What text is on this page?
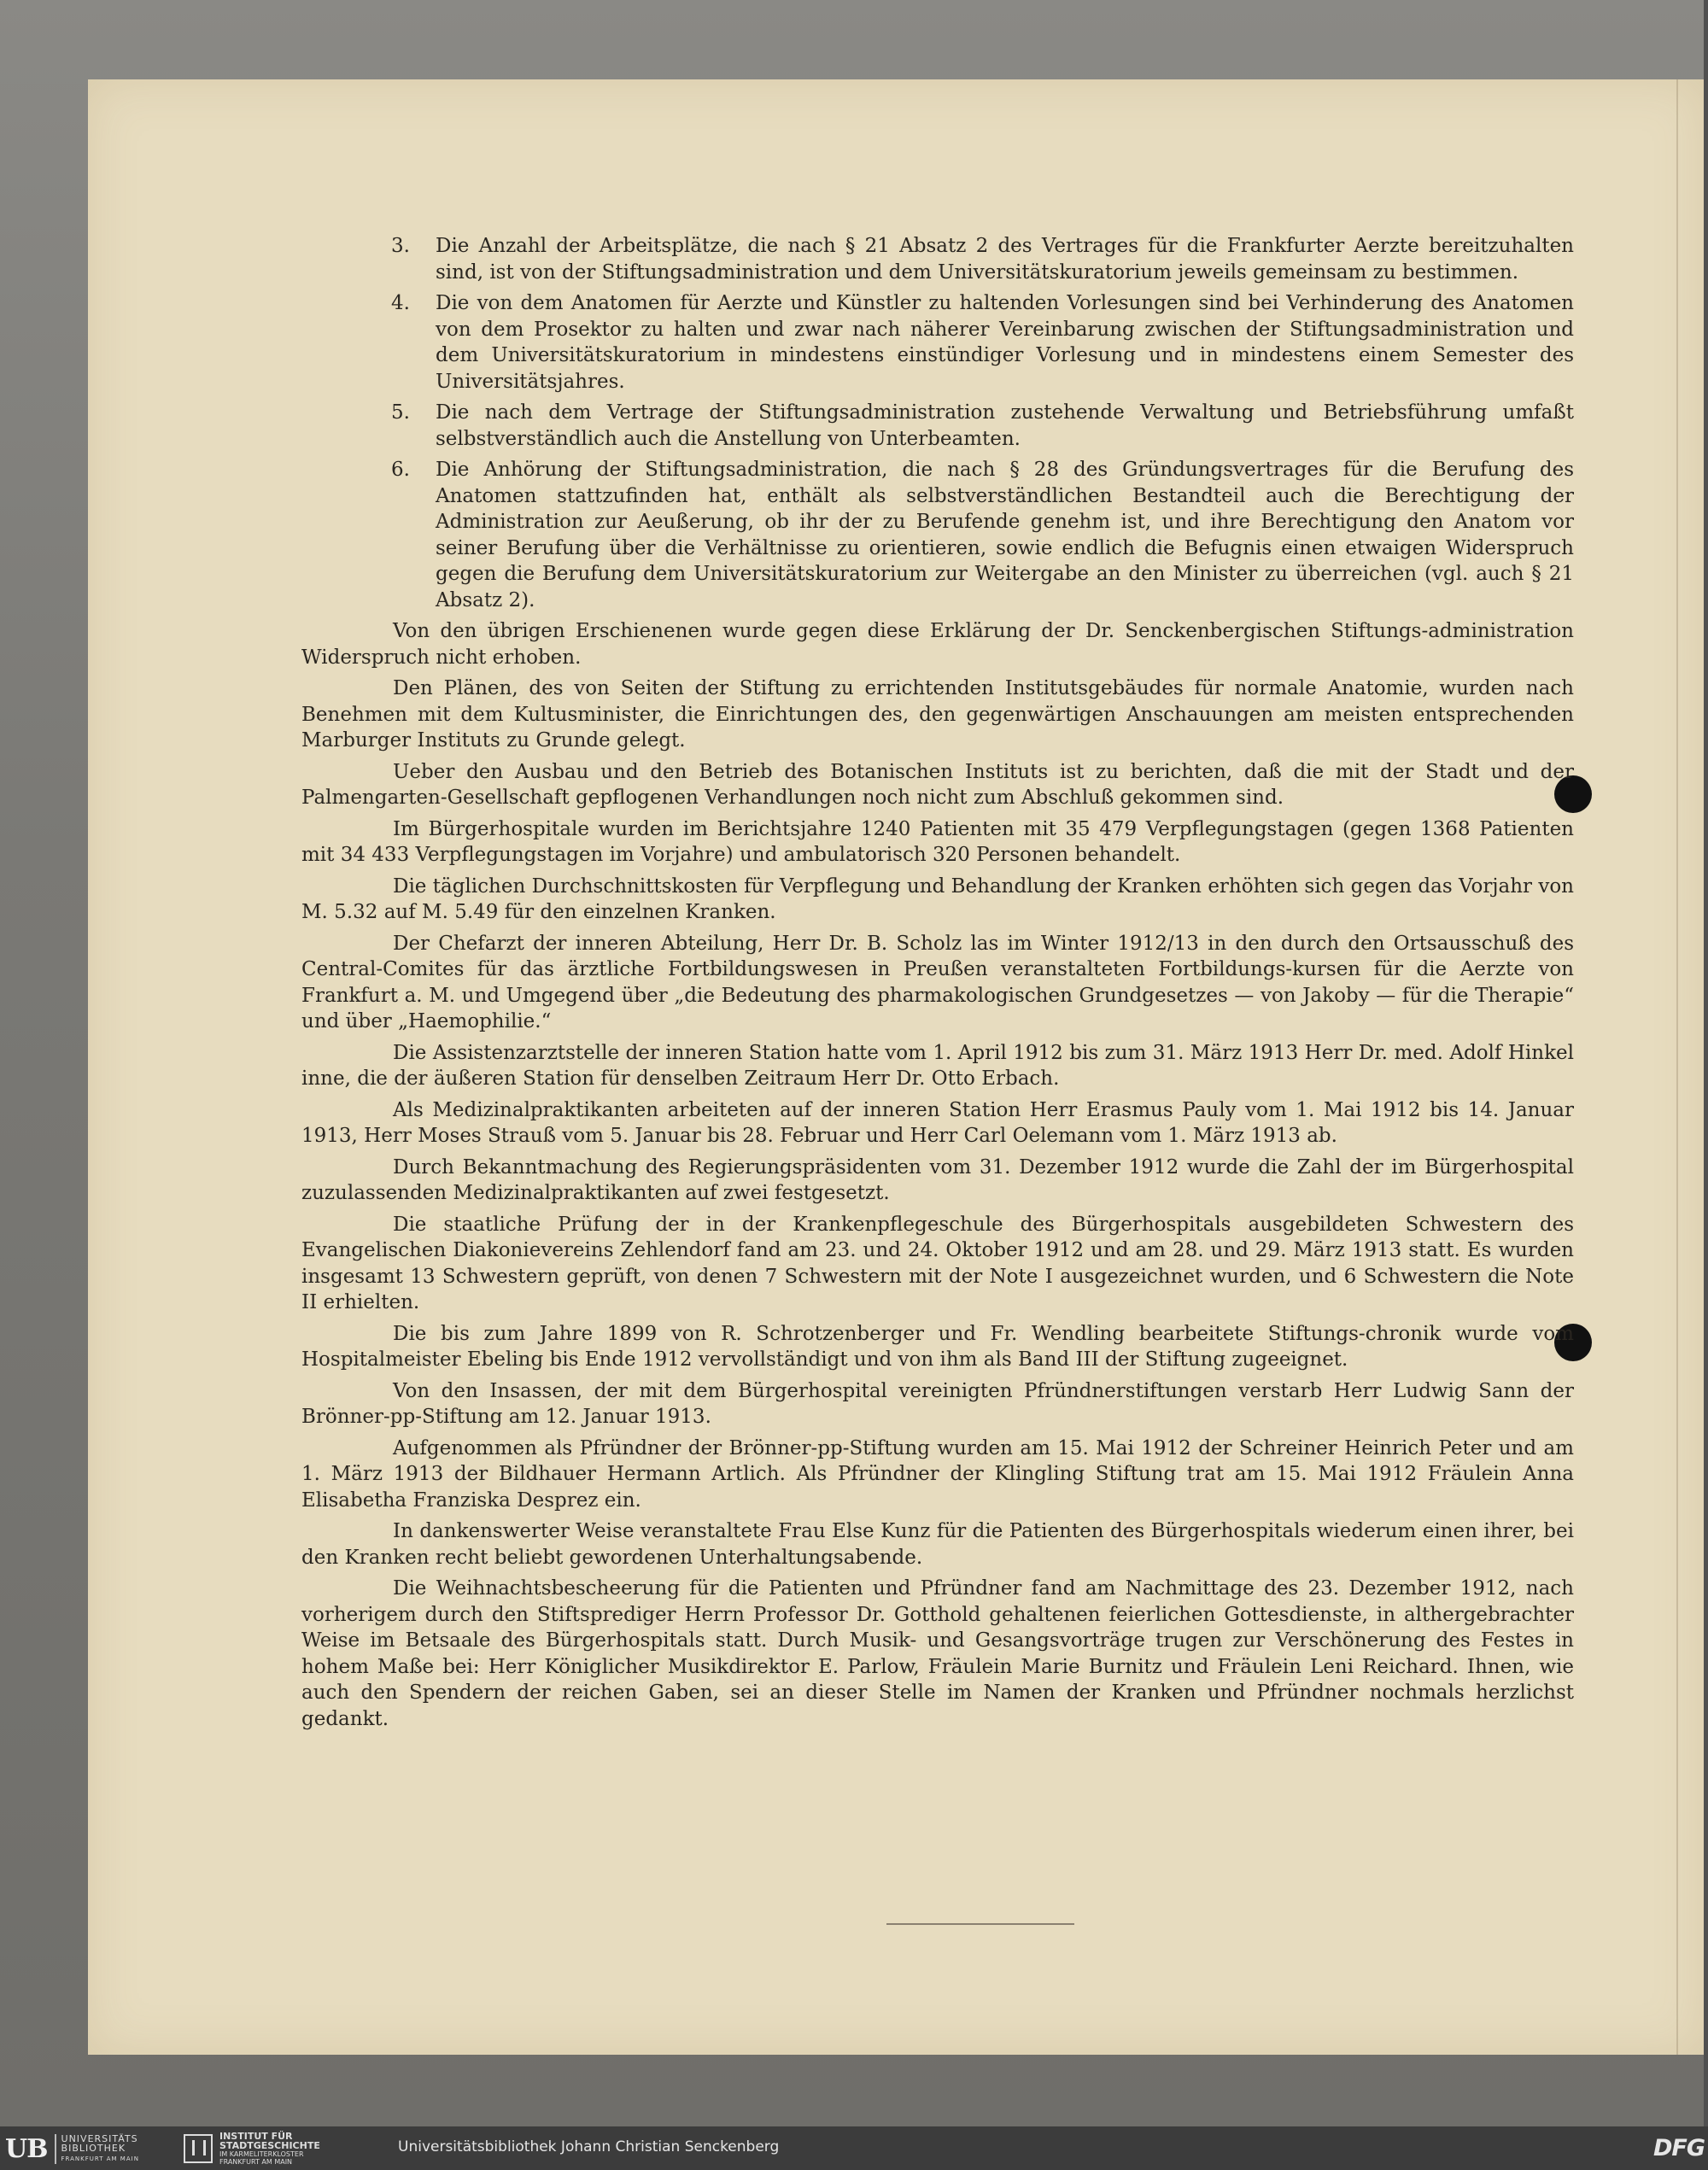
3. Die Anzahl der Arbeitsplätze, die nach § 21 Absatz 2 des Vertrages für die Frankfurter Aerzte bereitzuhalten sind, ist von der Stiftungsadministration und dem Universitätskuratorium jeweils gemeinsam zu bestimmen.
4. Die von dem Anatomen für Aerzte und Künstler zu haltenden Vorlesungen sind bei Verhinderung des Anatomen von dem Prosektor zu halten und zwar nach näherer Vereinbarung zwischen der Stiftungsadministration und dem Universitätskuratorium in mindestens einstündiger Vorlesung und in mindestens einem Semester des Universitätsjahres.
5. Die nach dem Vertrage der Stiftungsadministration zustehende Verwaltung und Betriebsführung umfaßt selbstverständlich auch die Anstellung von Unterbeamten.
6. Die Anhörung der Stiftungsadministration, die nach § 28 des Gründungsvertrages für die Berufung des Anatomen stattzufinden hat, enthält als selbstverständlichen Bestandteil auch die Berechtigung der Administration zur Aeußerung, ob ihr der zu Berufende genehm ist, und ihre Berechtigung den Anatom vor seiner Berufung über die Verhältnisse zu orientieren, sowie endlich die Befugnis einen etwaigen Widerspruch gegen die Berufung dem Universitätskuratorium zur Weitergabe an den Minister zu überreichen (vgl. auch § 21 Absatz 2).

Von den übrigen Erschienenen wurde gegen diese Erklärung der Dr. Senckenbergischen Stiftungs-administration Widerspruch nicht erhoben.

Den Plänen, des von Seiten der Stiftung zu errichtenden Institutsgebäudes für normale Anatomie, wurden nach Benehmen mit dem Kultusminister, die Einrichtungen des, den gegenwärtigen Anschauungen am meisten entsprechenden Marburger Instituts zu Grunde gelegt.

Ueber den Ausbau und den Betrieb des Botanischen Instituts ist zu berichten, daß die mit der Stadt und der Palmengarten-Gesellschaft gepflogenen Verhandlungen noch nicht zum Abschluß gekommen sind.

Im Bürgerhospitale wurden im Berichtsjahre 1240 Patienten mit 35 479 Verpflegungstagen (gegen 1368 Patienten mit 34 433 Verpflegungstagen im Vorjahre) und ambulatorisch 320 Personen behandelt.

Die täglichen Durchschnittskosten für Verpflegung und Behandlung der Kranken erhöhten sich gegen das Vorjahr von M. 5.32 auf M. 5.49 für den einzelnen Kranken.

Der Chefarzt der inneren Abteilung, Herr Dr. B. Scholz las im Winter 1912/13 in den durch den Ortsausschuß des Central-Comites für das ärztliche Fortbildungswesen in Preußen veranstalteten Fortbildungs-kursen für die Aerzte von Frankfurt a. M. und Umgegend über „die Bedeutung des pharmakologischen Grundgesetzes — von Jakoby — für die Therapie“ und über „Haemophilie.“

Die Assistenzarztstelle der inneren Station hatte vom 1. April 1912 bis zum 31. März 1913 Herr Dr. med. Adolf Hinkel inne, die der äußeren Station für denselben Zeitraum Herr Dr. Otto Erbach.

Als Medizinalpraktikanten arbeiteten auf der inneren Station Herr Erasmus Pauly vom 1. Mai 1912 bis 14. Januar 1913, Herr Moses Strauß vom 5. Januar bis 28. Februar und Herr Carl Oelemann vom 1. März 1913 ab.

Durch Bekanntmachung des Regierungspräsidenten vom 31. Dezember 1912 wurde die Zahl der im Bürgerhospital zuzulassenden Medizinalpraktikanten auf zwei festgesetzt.

Die staatliche Prüfung der in der Krankenpflegeschule des Bürgerhospitals ausgebildeten Schwestern des Evangelischen Diakonievereins Zehlendorf fand am 23. und 24. Oktober 1912 und am 28. und 29. März 1913 statt. Es wurden insgesamt 13 Schwestern geprüft, von denen 7 Schwestern mit der Note I ausgezeichnet wurden, und 6 Schwestern die Note II erhielten.

Die bis zum Jahre 1899 von R. Schrotzenberger und Fr. Wendling bearbeitete Stiftungs-chronik wurde vom Hospitalmeister Ebeling bis Ende 1912 vervollständigt und von ihm als Band III der Stiftung zugeeignet.

Von den Insassen, der mit dem Bürgerhospital vereinigten Pfründnerstiftungen verstarb Herr Ludwig Sann der Brönner-pp-Stiftung am 12. Januar 1913.

Aufgenommen als Pfründner der Brönner-pp-Stiftung wurden am 15. Mai 1912 der Schreiner Heinrich Peter und am 1. März 1913 der Bildhauer Hermann Artlich. Als Pfründner der Klingling Stiftung trat am 15. Mai 1912 Fräulein Anna Elisabetha Franziska Desprez ein.

In dankenswerter Weise veranstaltete Frau Else Kunz für die Patienten des Bürgerhospitals wiederum einen ihrer, bei den Kranken recht beliebt gewordenen Unterhaltungsabende.

Die Weihnachtsbescheerung für die Patienten und Pfründner fand am Nachmittage des 23. Dezember 1912, nach vorherigem durch den Stiftsprediger Herrn Professor Dr. Gotthold gehaltenen feierlichen Gottesdienste, in althergebrachter Weise im Betsaale des Bürgerhospitals statt. Durch Musik- und Gesangsvorträge trugen zur Verschönerung des Festes in hohem Maße bei: Herr Königlicher Musikdirektor E. Parlow, Fräulein Marie Burnitz und Fräulein Leni Reichard. Ihnen, wie auch den Spendern der reichen Gaben, sei an dieser Stelle im Namen der Kranken und Pfründner nochmals herzlichst gedankt.

UB	UNIVERSITÄTS
BIBLIOTHEK
FRANKFURT AM MAIN
INSTITUT FÜR
STADTGESCHICHTE
IM KARMELITERKLOSTER
FRANKFURT AM MAIN
Universitätsbibliothek Johann Christian Senckenberg	DFG
